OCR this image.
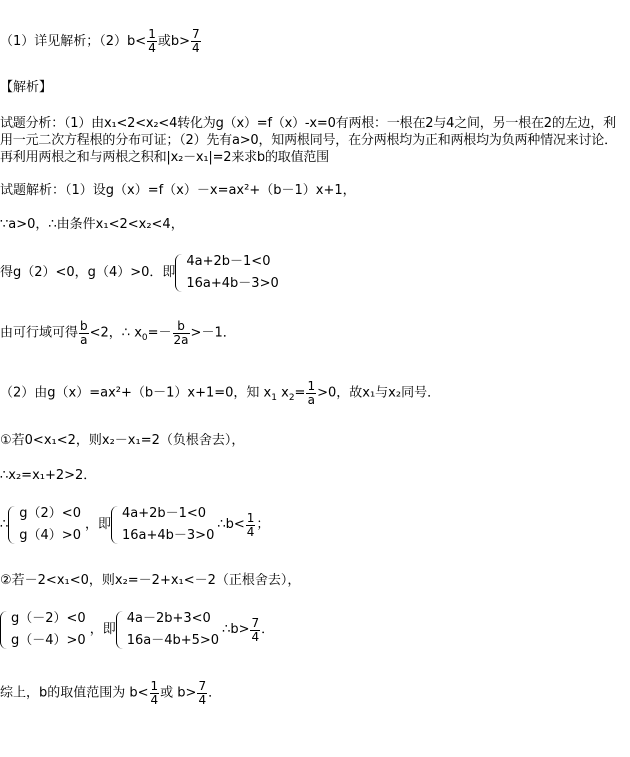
（1）详见解析；$(2)b< \frac{1}{4}$ 或$b> \frac{7}{4}$
【解析】
试题分析：（1）由x₁<2<x₂<4转化为g（x）=f（x）-x=0有两根：一根在2与4之间，另一根在2的左边，利用一元二次方程根的分布可证；（2）先有a>0，知两根同号，在分两根均为正和两根均为负两种情况来讨论．再利用两根之和与两根之积和|x₂－x₁|=2来求b的取值范围
试题解析：（1）设g（x）=f（x）－x=ax²+（b－1）x+1，
∵a>0，∴由条件x₁<2<x₂<4，
得g（2）<0，g（4）>0．即
4a+2b－1<0
16a+4b－3>0
由可行域可得 $\frac{b}{a} <2$，∴ $x_0=- \frac{b}{2a} >-1$．
（2）由g（x）=ax²+（b－1）x+1=0，知 $x_1$ $x_2= \frac{1}{a} >0$，故x₁与x₂同号．
①若0<x₁<2，则x₂－x₁=2（负根舍去），
∴x₂=x₁+2>2．
∴
g（2）<0
g（4）>0
，即
4a+2b－1<0
16a+4b－3>0
∴b< $\frac{1}{4}$ ；
②若－2<x₁<0，则x₂=－2+x₁<－2（正根舍去），
g（－2）<0
g（－4）>0
，即
4a－2b+3<0
16a－4b+5>0
∴b> $\frac{7}{4}$ ．
综上，b的取值范围为 $b< \frac{1}{4}$ 或 $b> \frac{7}{4}$ ．
